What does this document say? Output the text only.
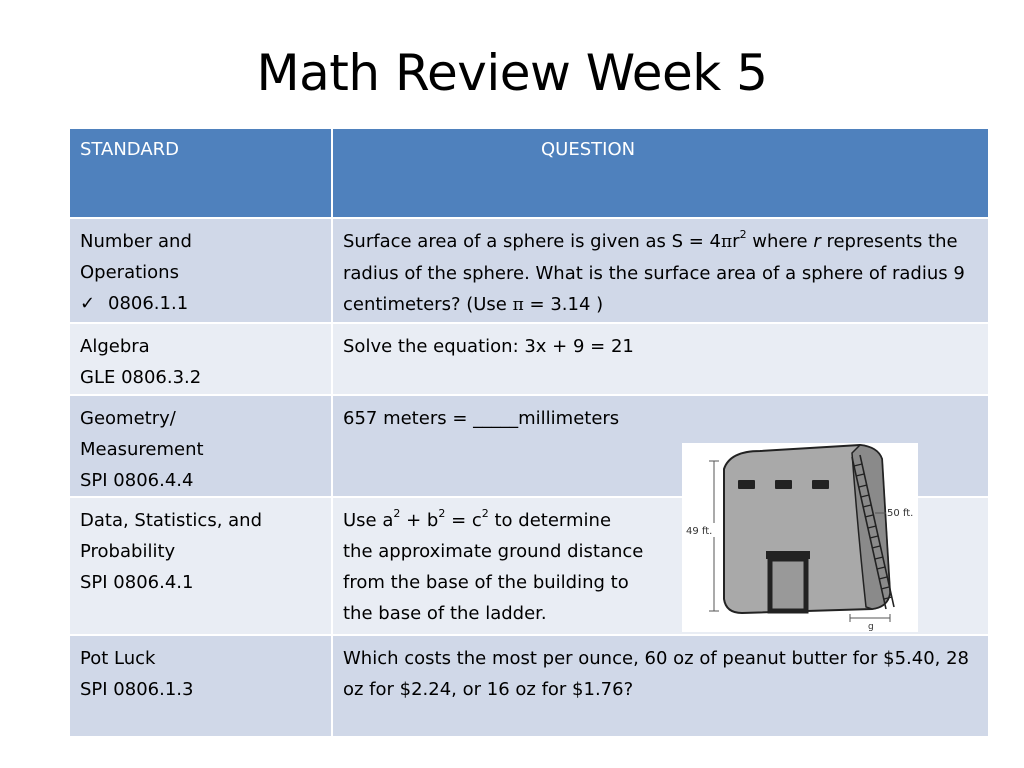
Math Review Week 5
STANDARD	QUESTION

Number and
Operations
✓ 0806.1.1	Surface area of a sphere is given as $S = 4\pi r^2$ where r represents the radius of the sphere. What is the surface area of a sphere of radius 9 centimeters? (Use π = 3.14 )

Algebra
GLE 0806.3.2	Solve the equation: 3x + 9 = 21

Geometry/
Measurement
SPI 0806.4.4	657 meters = _____millimeters

Data, Statistics, and
Probability
SPI 0806.4.1	Use $a^2 + b^2 = c^2$ to determine
the approximate ground distance
from the base of the building to
the base of the ladder.

Pot Luck
SPI 0806.1.3	Which costs the most per ounce, 60 oz of peanut butter for $5.40, 28 oz for $2.24, or 16 oz for $1.76?
49 ft.
50 ft.
g
